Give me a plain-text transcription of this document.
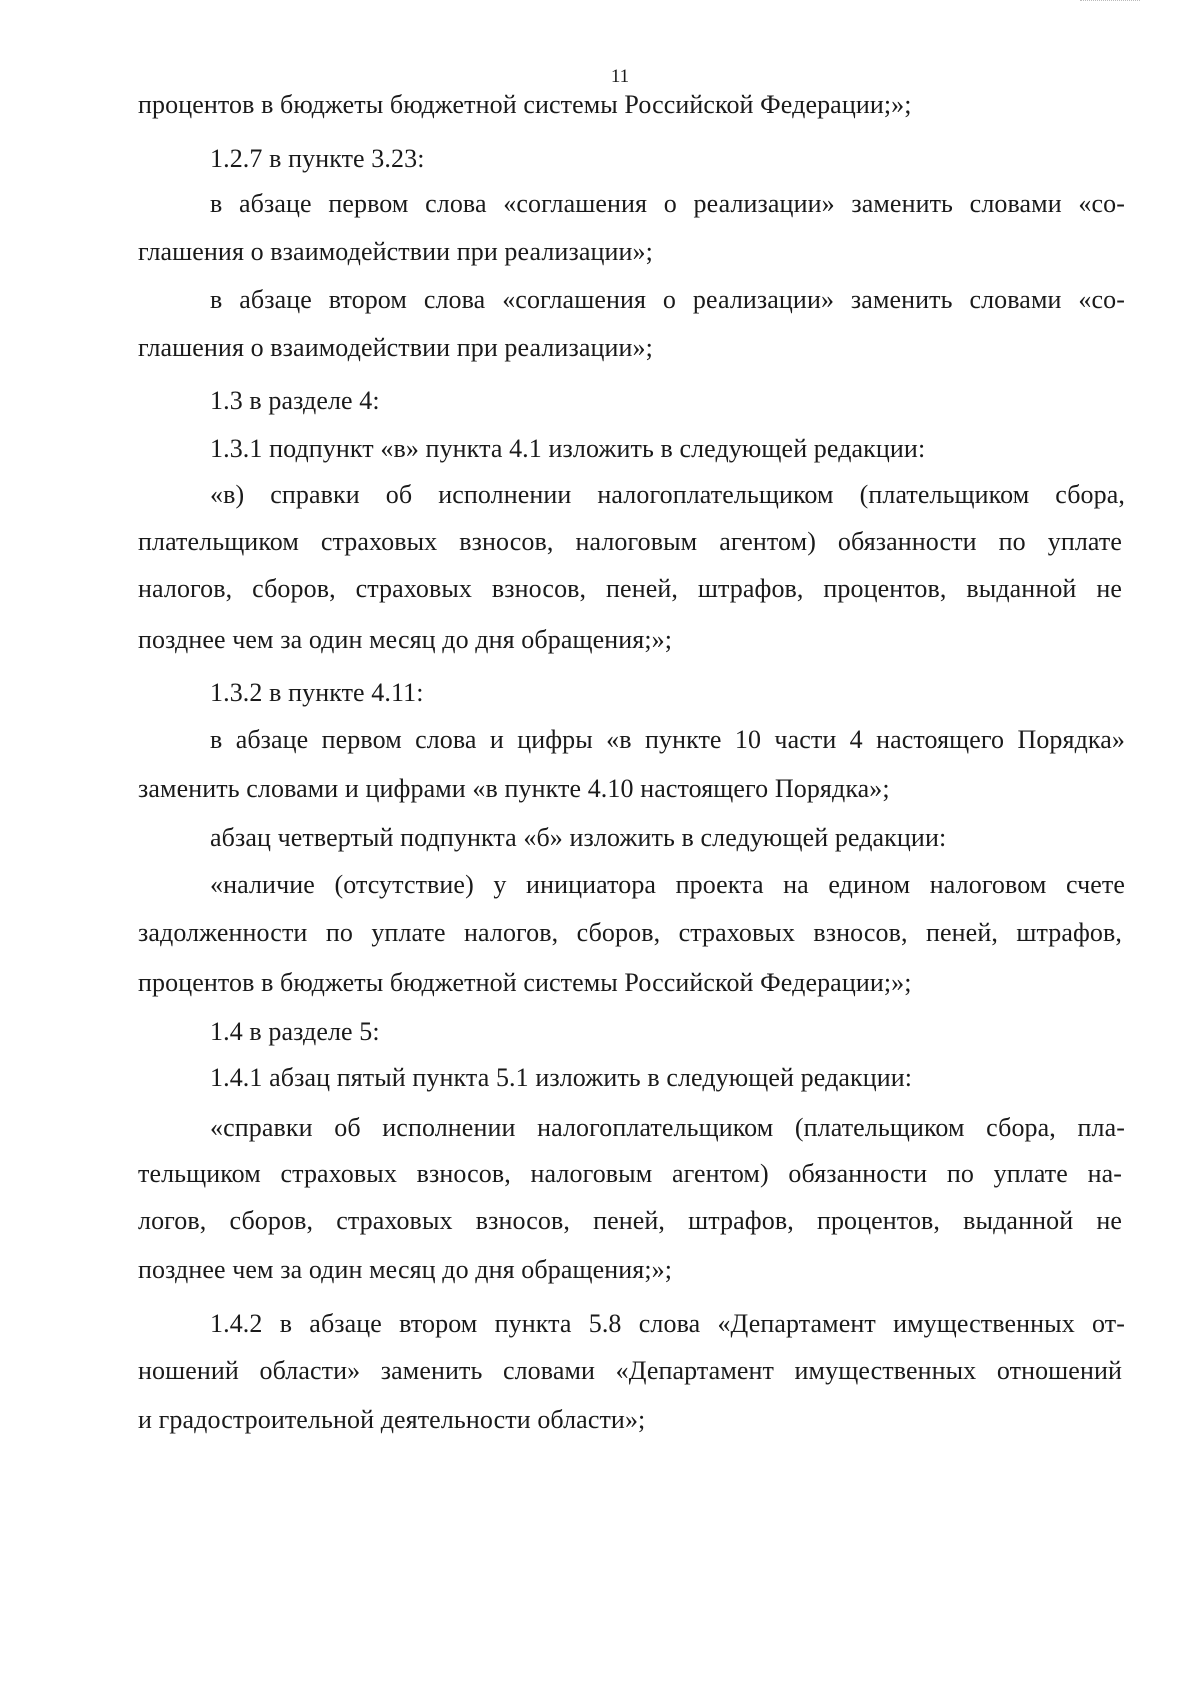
11
процентов в бюджеты бюджетной системы Российской Федерации;»;
1.2.7 в пункте 3.23:
в абзаце первом слова «соглашения о реализации» заменить словами «со-
глашения о взаимодействии при реализации»;
в абзаце втором слова «соглашения о реализации» заменить словами «со-
глашения о взаимодействии при реализации»;
1.3 в разделе 4:
1.3.1 подпункт «в» пункта 4.1 изложить в следующей редакции:
«в) справки об исполнении налогоплательщиком (плательщиком сбора,
плательщиком страховых взносов, налоговым агентом) обязанности по уплате
налогов, сборов, страховых взносов, пеней, штрафов, процентов, выданной не
позднее чем за один месяц до дня обращения;»;
1.3.2 в пункте 4.11:
в абзаце первом слова и цифры «в пункте 10 части 4 настоящего Порядка»
заменить словами и цифрами «в пункте 4.10 настоящего Порядка»;
абзац четвертый подпункта «б» изложить в следующей редакции:
«наличие (отсутствие) у инициатора проекта на едином налоговом счете
задолженности по уплате налогов, сборов, страховых взносов, пеней, штрафов,
процентов в бюджеты бюджетной системы Российской Федерации;»;
1.4 в разделе 5:
1.4.1 абзац пятый пункта 5.1 изложить в следующей редакции:
«справки об исполнении налогоплательщиком (плательщиком сбора, пла-
тельщиком страховых взносов, налоговым агентом) обязанности по уплате на-
логов, сборов, страховых взносов, пеней, штрафов, процентов, выданной не
позднее чем за один месяц до дня обращения;»;
1.4.2 в абзаце втором пункта 5.8 слова «Департамент имущественных от-
ношений области» заменить словами «Департамент имущественных отношений
и градостроительной деятельности области»;
